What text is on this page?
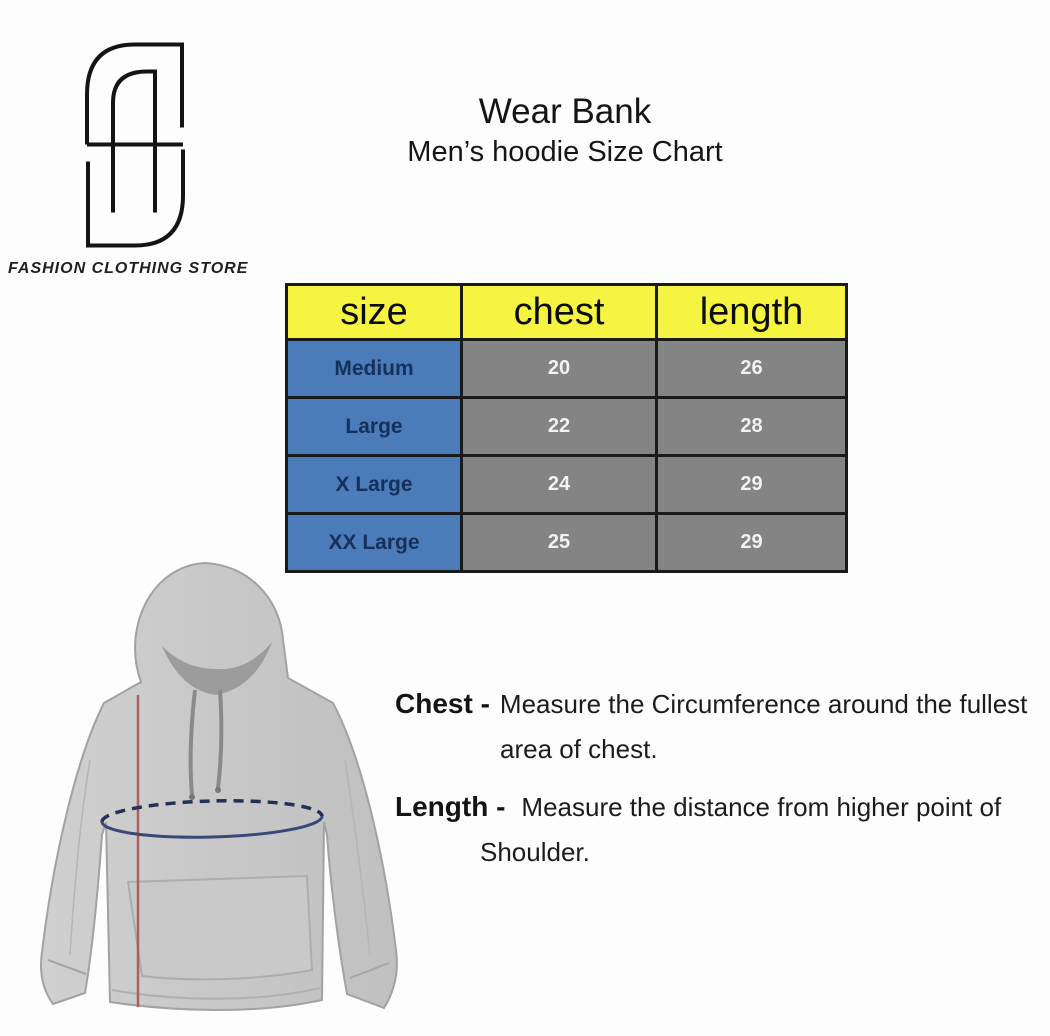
FASHION CLOTHING STORE
Wear Bank
Men’s hoodie Size Chart
size	chest	length
Medium	20	26
Large	22	28
X Large	24	29
XX Large	25	29
Chest - Measure the Circumference around the fullest
area of chest.
Length - Measure the distance from higher point of
Shoulder.
